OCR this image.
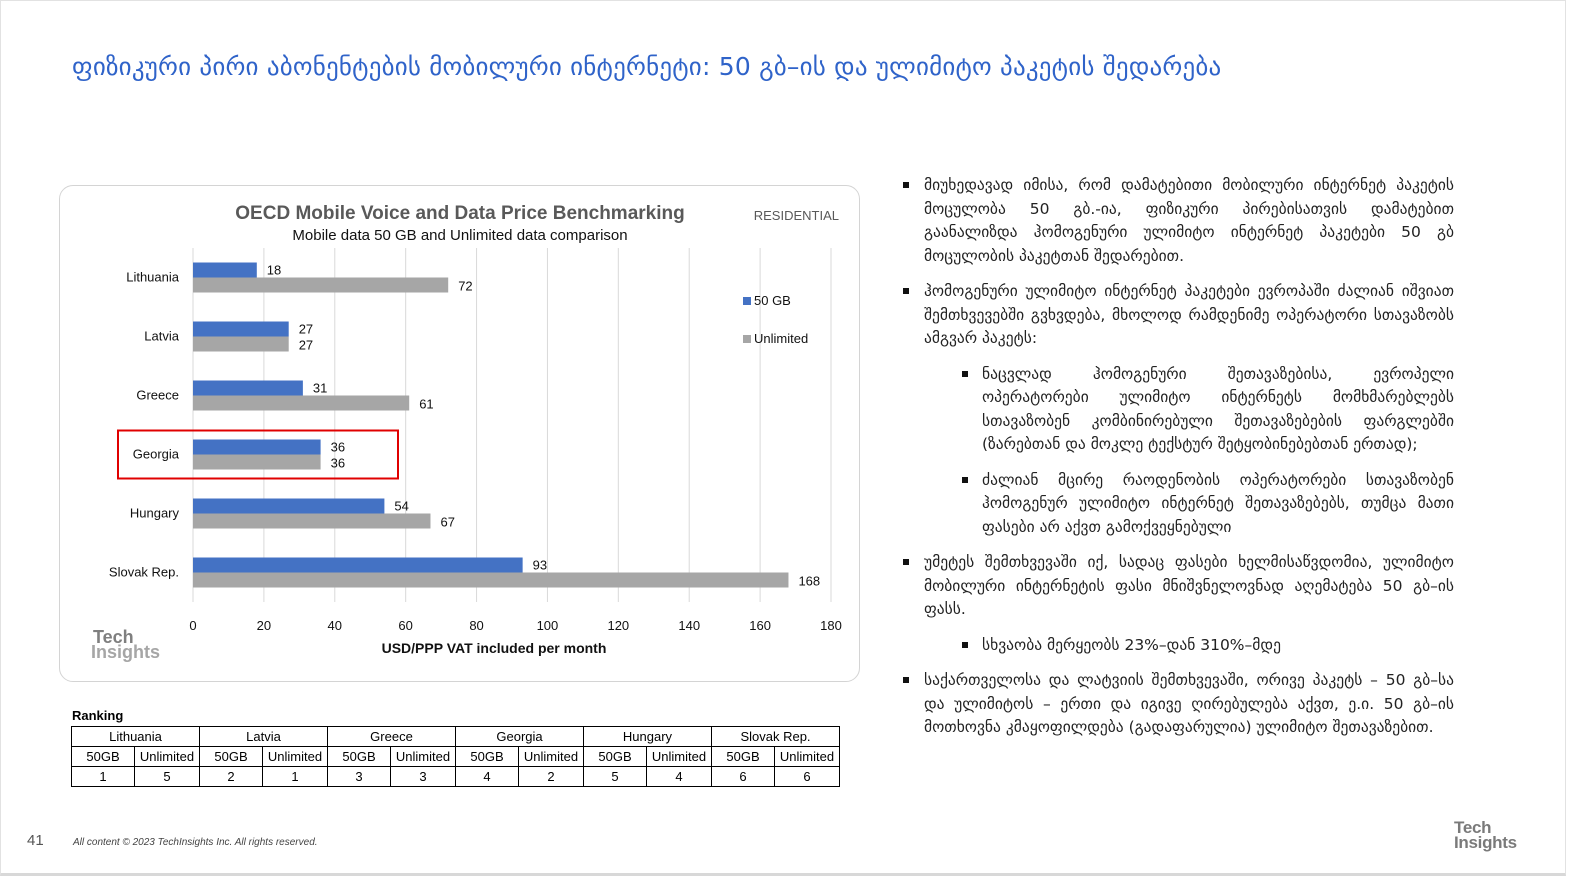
ფიზიკური პირი აბონენტების მობილური ინტერნეტი: 50 გბ–ის და ულიმიტო პაკეტის შედარება
OECD Mobile Voice and Data Price Benchmarking
Mobile data 50 GB and Unlimited data comparison
RESIDENTIAL
0	20	40	60	80	100	120	140	160	180
USD/PPP VAT included per month
Lithuania	18
72
Latvia	27
27
Greece	31
61
Georgia	36
36
Hungary	54
67
Slovak Rep.	93
168
50 GB
Unlimited
Tech
Insights
მიუხედავად იმისა, რომ დამატებითი მობილური ინტერნეტ პაკეტის მოცულობა 50 გბ.-ია, ფიზიკური პირებისათვის დამატებით გაანალიზდა ჰომოგენური ულიმიტო ინტერნეტ პაკეტები 50 გბ მოცულობის პაკეტთან შედარებით.
ჰომოგენური ულიმიტო ინტერნეტ პაკეტები ევროპაში ძალიან იშვიათ შემთხვევებში გვხვდება, მხოლოდ რამდენიმე ოპერატორი სთავაზობს ამგვარ პაკეტს:
ნაცვლად ჰომოგენური შეთავაზებისა, ევროპელი ოპერატორები ულიმიტო ინტერნეტს მომხმარებლებს სთავაზობენ კომბინირებული შეთავაზებების ფარგლებში (ზარებთან და მოკლე ტექსტურ შეტყობინებებთან ერთად);
ძალიან მცირე რაოდენობის ოპერატორები სთავაზობენ ჰომოგენურ ულიმიტო ინტერნეტ შეთავაზებებს, თუმცა მათი ფასები არ აქვთ გამოქვეყნებული
უმეტეს შემთხვევაში იქ, სადაც ფასები ხელმისაწვდომია, ულიმიტო მობილური ინტერნეტის ფასი მნიშვნელოვნად აღემატება 50 გბ–ის ფასს.
სხვაობა მერყეობს 23%–დან 310%–მდე
საქართველოსა და ლატვიის შემთხვევაში, ორივე პაკეტს – 50 გბ–სა და ულიმიტოს – ერთი და იგივე ღირებულება აქვთ, ე.ი. 50 გბ–ის მოთხოვნა კმაყოფილდება (გადაფარულია) ულიმიტო შეთავაზებით.
Ranking
Lithuania		Latvia		Greece		Georgia		Hungary		Slovak Rep.	
50GB	Unlimited	50GB	Unlimited	50GB	Unlimited	50GB	Unlimited	50GB	Unlimited	50GB	Unlimited
1	5	2	1	3	3	4	2	5	4	6	6
41	All content © 2023 TechInsights Inc. All rights reserved.
Tech
Insights
